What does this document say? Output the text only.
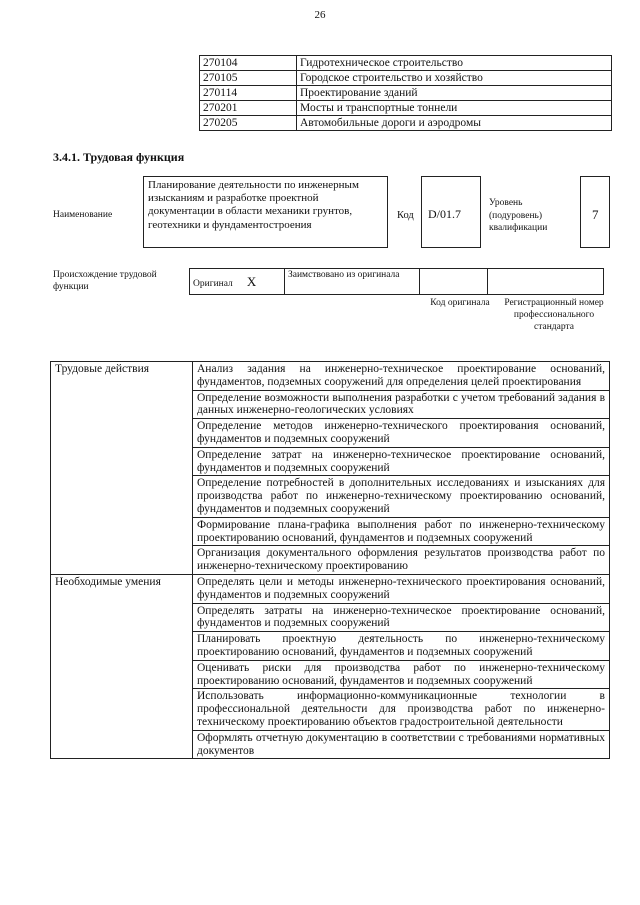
26
	270104	Гидротехническое строительство
	270105	Городское строительство и хозяйство
	270114	Проектирование зданий
	270201	Мосты и транспортные тоннели
	270205	Автомобильные дороги и аэродромы
3.4.1. Трудовая функция
Наименование
Планирование деятельности по инженерным изысканиям и разработке проектной документации в области механики грунтов, геотехники и фундаментостроения
Код	D/01.7
Уровень (подуровень) квалификации
7
Происхождение трудовой функции	Оригинал X	Заимствовано из оригинала		
Код оригинала Регистрационный номер профессионального стандарта
Трудовые действия	Анализ задания на инженерно-техническое проектирование оснований, фундаментов, подземных сооружений для определения целей проектирования
	Определение возможности выполнения разработки с учетом требований задания в данных инженерно-геологических условиях
	Определение методов инженерно-технического проектирования оснований, фундаментов и подземных сооружений
	Определение затрат на инженерно-техническое проектирование оснований, фундаментов и подземных сооружений
	Определение потребностей в дополнительных исследованиях и изысканиях для производства работ по инженерно-техническому проектированию оснований, фундаментов и подземных сооружений
	Формирование плана-графика выполнения работ по инженерно-техническому проектированию оснований, фундаментов и подземных сооружений
	Организация документального оформления результатов производства работ по инженерно-техническому проектированию
Необходимые умения	Определять цели и методы инженерно-технического проектирования оснований, фундаментов и подземных сооружений
	Определять затраты на инженерно-техническое проектирование оснований, фундаментов и подземных сооружений
	Планировать проектную деятельность по инженерно-техническому проектированию оснований, фундаментов и подземных сооружений
	Оценивать риски для производства работ по инженерно-техническому проектированию оснований, фундаментов и подземных сооружений
	Использовать информационно-коммуникационные технологии в профессиональной деятельности для производства работ по инженерно-техническому проектированию объектов градостроительной деятельности
	Оформлять отчетную документацию в соответствии с требованиями нормативных документов
